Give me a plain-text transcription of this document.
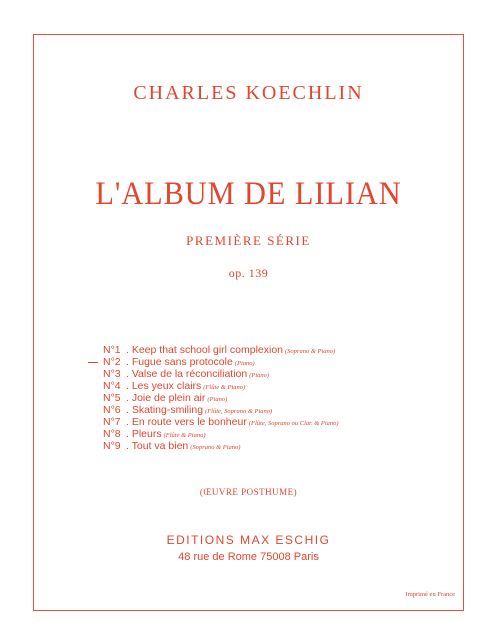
CHARLES KOECHLIN
L'ALBUM DE LILIAN
PREMIÈRE SÉRIE
op. 139
N°1 . Keep that school girl complexion (Soprano & Piano)
N°2 . Fugue sans protocole (Piano)
N°3 . Valse de la réconciliation (Piano)
N°4 . Les yeux clairs (Flûte & Piano)
N°5 . Joie de plein air (Piano)
N°6 . Skating-smiling (Flûte, Soprano & Piano)
N°7 . En route vers le bonheur (Flûte, Soprano ou Clar. & Piano)
N°8 . Pleurs (Flûte & Piano)
N°9 . Tout va bien (Soprano & Piano)
(ŒUVRE POSTHUME)
EDITIONS MAX ESCHIG
48 rue de Rome 75008 Paris
Imprimé en France
